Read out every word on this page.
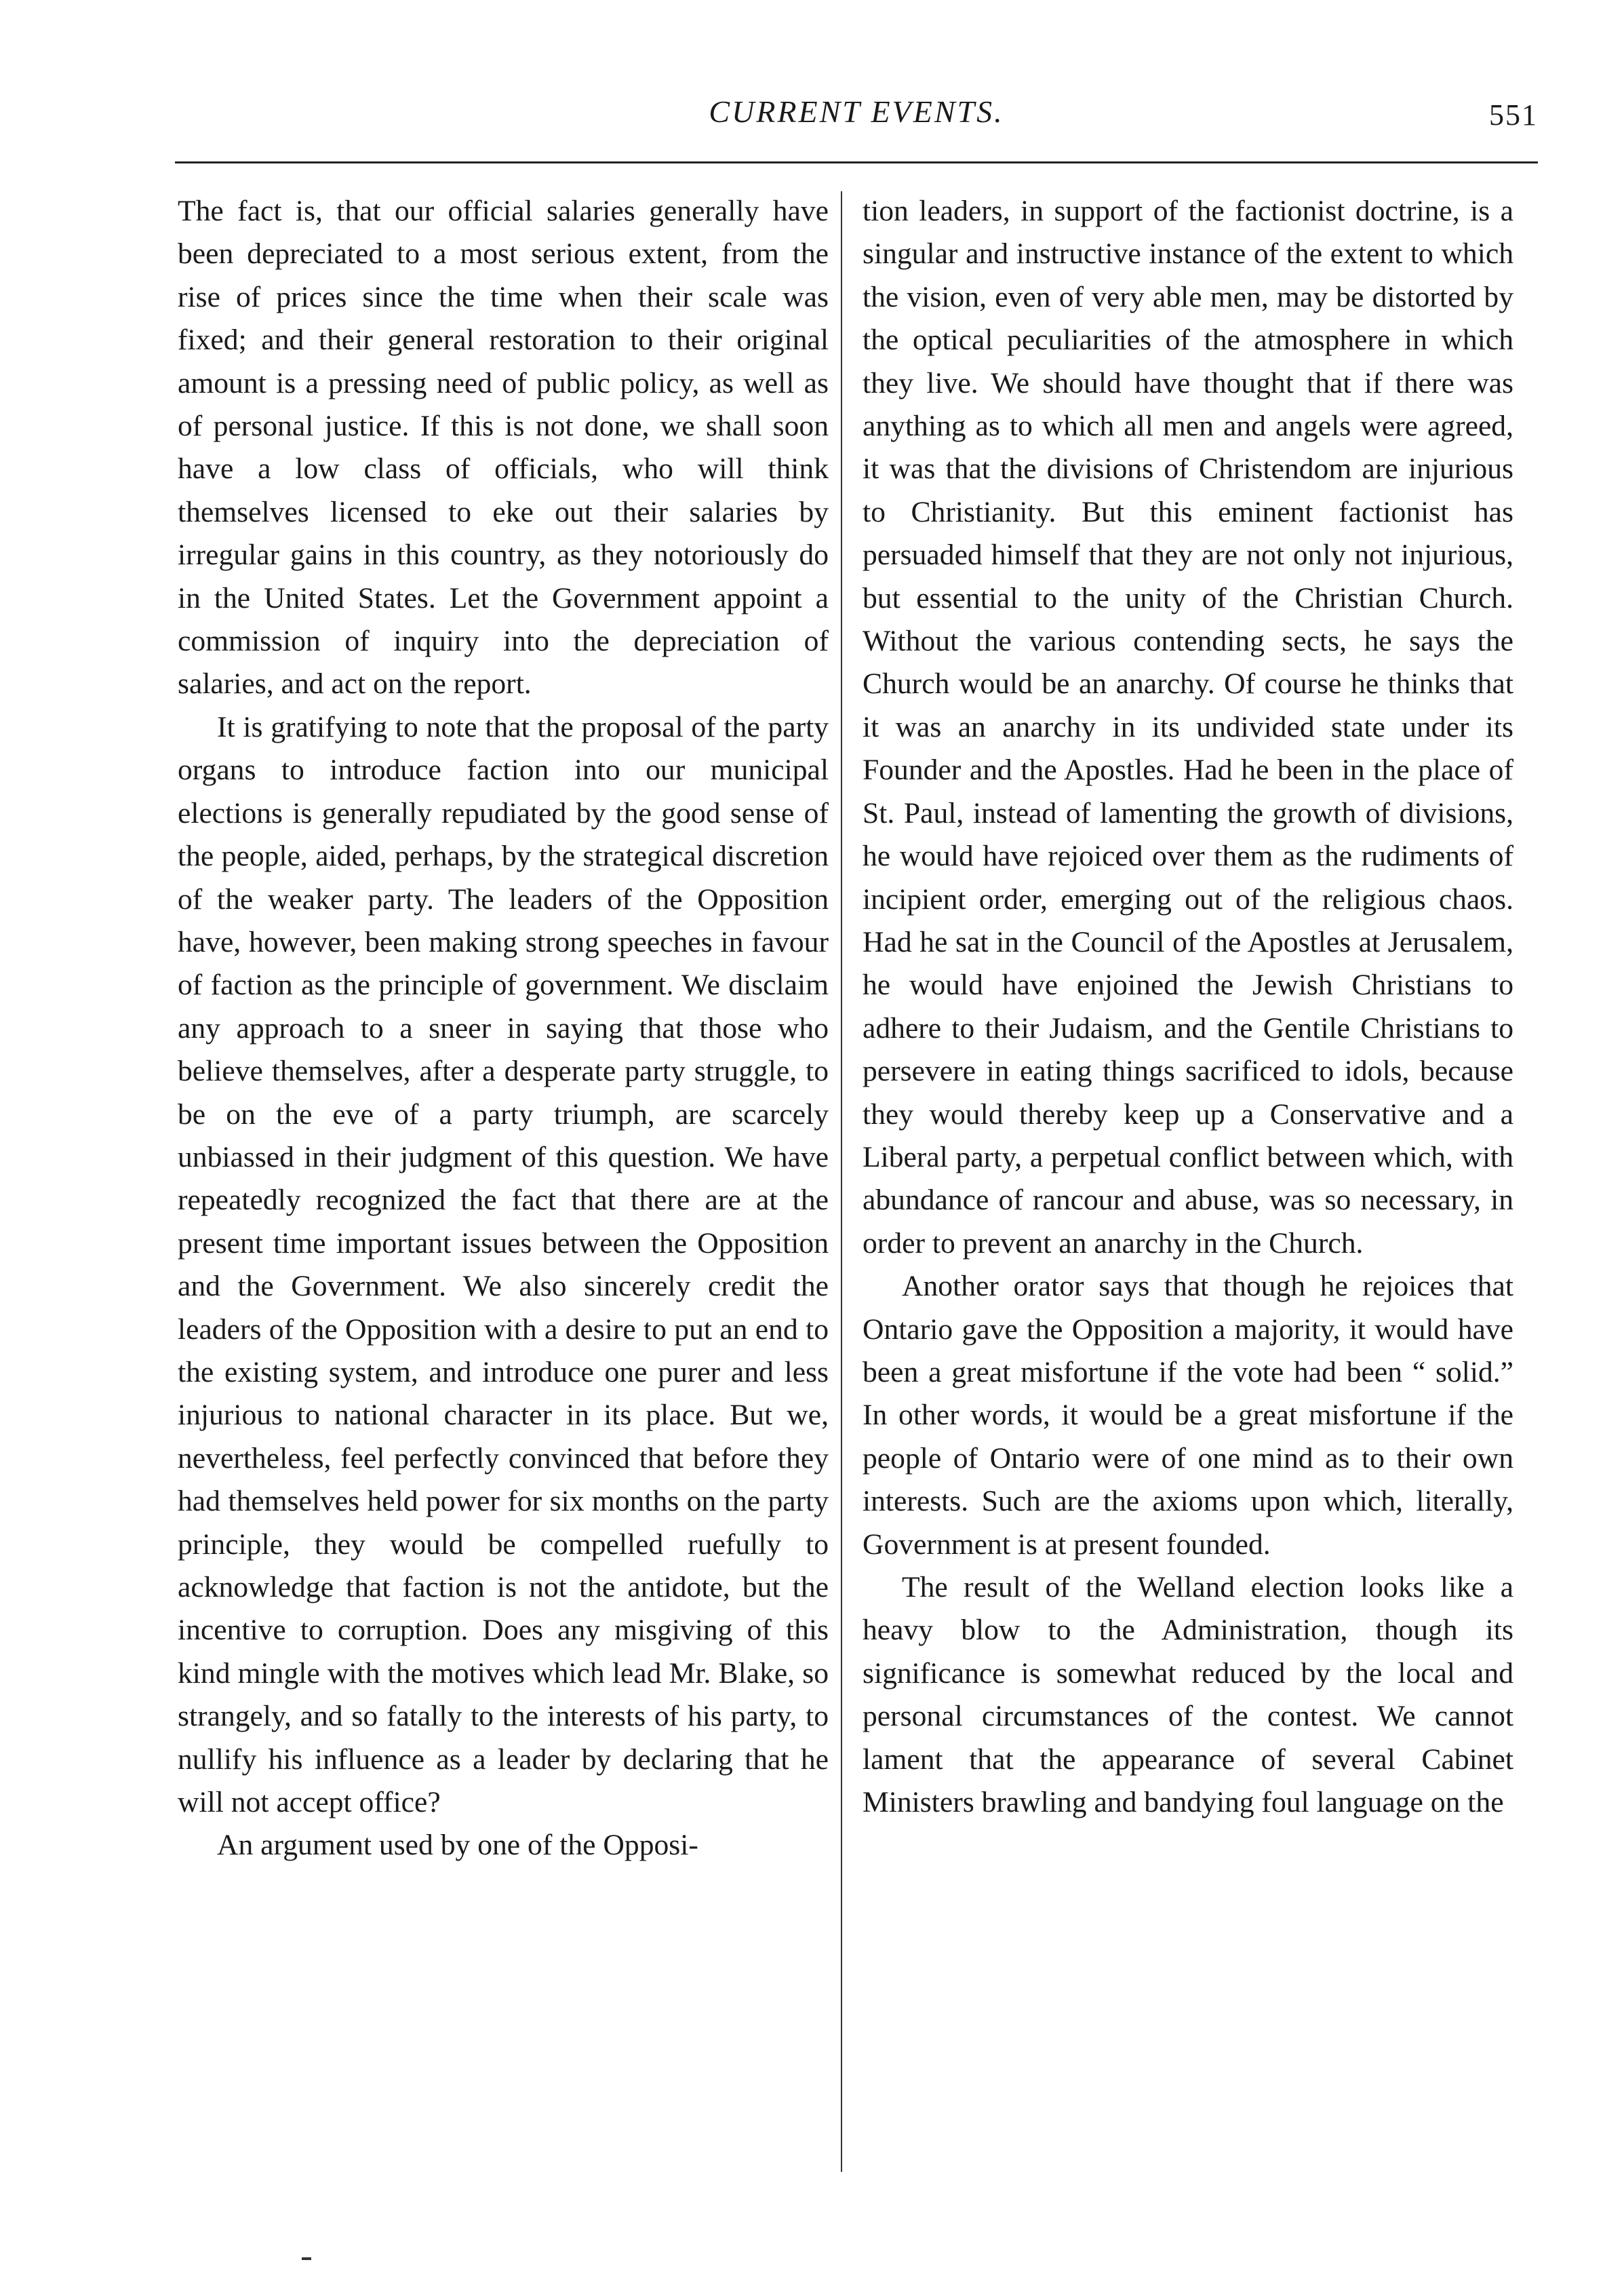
CURRENT EVENTS.	551

The fact is, that our official salaries generally have been depreciated to a most serious extent, from the rise of prices since the time when their scale was fixed; and their general restoration to their original amount is a pressing need of public policy, as well as of personal justice. If this is not done, we shall soon have a low class of officials, who will think themselves licensed to eke out their salaries by irregular gains in this country, as they notoriously do in the United States. Let the Government appoint a commission of inquiry into the depreciation of salaries, and act on the report.

It is gratifying to note that the proposal of the party organs to introduce faction into our municipal elections is generally repudiated by the good sense of the people, aided, perhaps, by the strategical discretion of the weaker party. The leaders of the Opposition have, however, been making strong speeches in favour of faction as the principle of government. We disclaim any approach to a sneer in saying that those who believe themselves, after a desperate party struggle, to be on the eve of a party triumph, are scarcely unbiassed in their judgment of this question. We have repeatedly recognized the fact that there are at the present time important issues between the Opposition and the Government. We also sincerely credit the leaders of the Opposition with a desire to put an end to the existing system, and introduce one purer and less injurious to national character in its place. But we, nevertheless, feel perfectly convinced that before they had themselves held power for six months on the party principle, they would be compelled ruefully to acknowledge that faction is not the antidote, but the incentive to corruption. Does any misgiving of this kind mingle with the motives which lead Mr. Blake, so strangely, and so fatally to the interests of his party, to nullify his influence as a leader by declaring that he will not accept office?

An argument used by one of the Opposi-

tion leaders, in support of the factionist doctrine, is a singular and instructive instance of the extent to which the vision, even of very able men, may be distorted by the optical peculiarities of the atmosphere in which they live. We should have thought that if there was anything as to which all men and angels were agreed, it was that the divisions of Christendom are injurious to Christianity. But this eminent factionist has persuaded himself that they are not only not injurious, but essential to the unity of the Christian Church. Without the various contending sects, he says the Church would be an anarchy. Of course he thinks that it was an anarchy in its undivided state under its Founder and the Apostles. Had he been in the place of St. Paul, instead of lamenting the growth of divisions, he would have rejoiced over them as the rudiments of incipient order, emerging out of the religious chaos. Had he sat in the Council of the Apostles at Jerusalem, he would have enjoined the Jewish Christians to adhere to their Judaism, and the Gentile Christians to persevere in eating things sacrificed to idols, because they would thereby keep up a Conservative and a Liberal party, a perpetual conflict between which, with abundance of rancour and abuse, was so necessary, in order to prevent an anarchy in the Church.

Another orator says that though he rejoices that Ontario gave the Opposition a majority, it would have been a great misfortune if the vote had been “ solid.” In other words, it would be a great misfortune if the people of Ontario were of one mind as to their own interests. Such are the axioms upon which, literally, Government is at present founded.

The result of the Welland election looks like a heavy blow to the Administration, though its significance is somewhat reduced by the local and personal circumstances of the contest. We cannot lament that the appearance of several Cabinet Ministers brawling and bandying foul language on the
